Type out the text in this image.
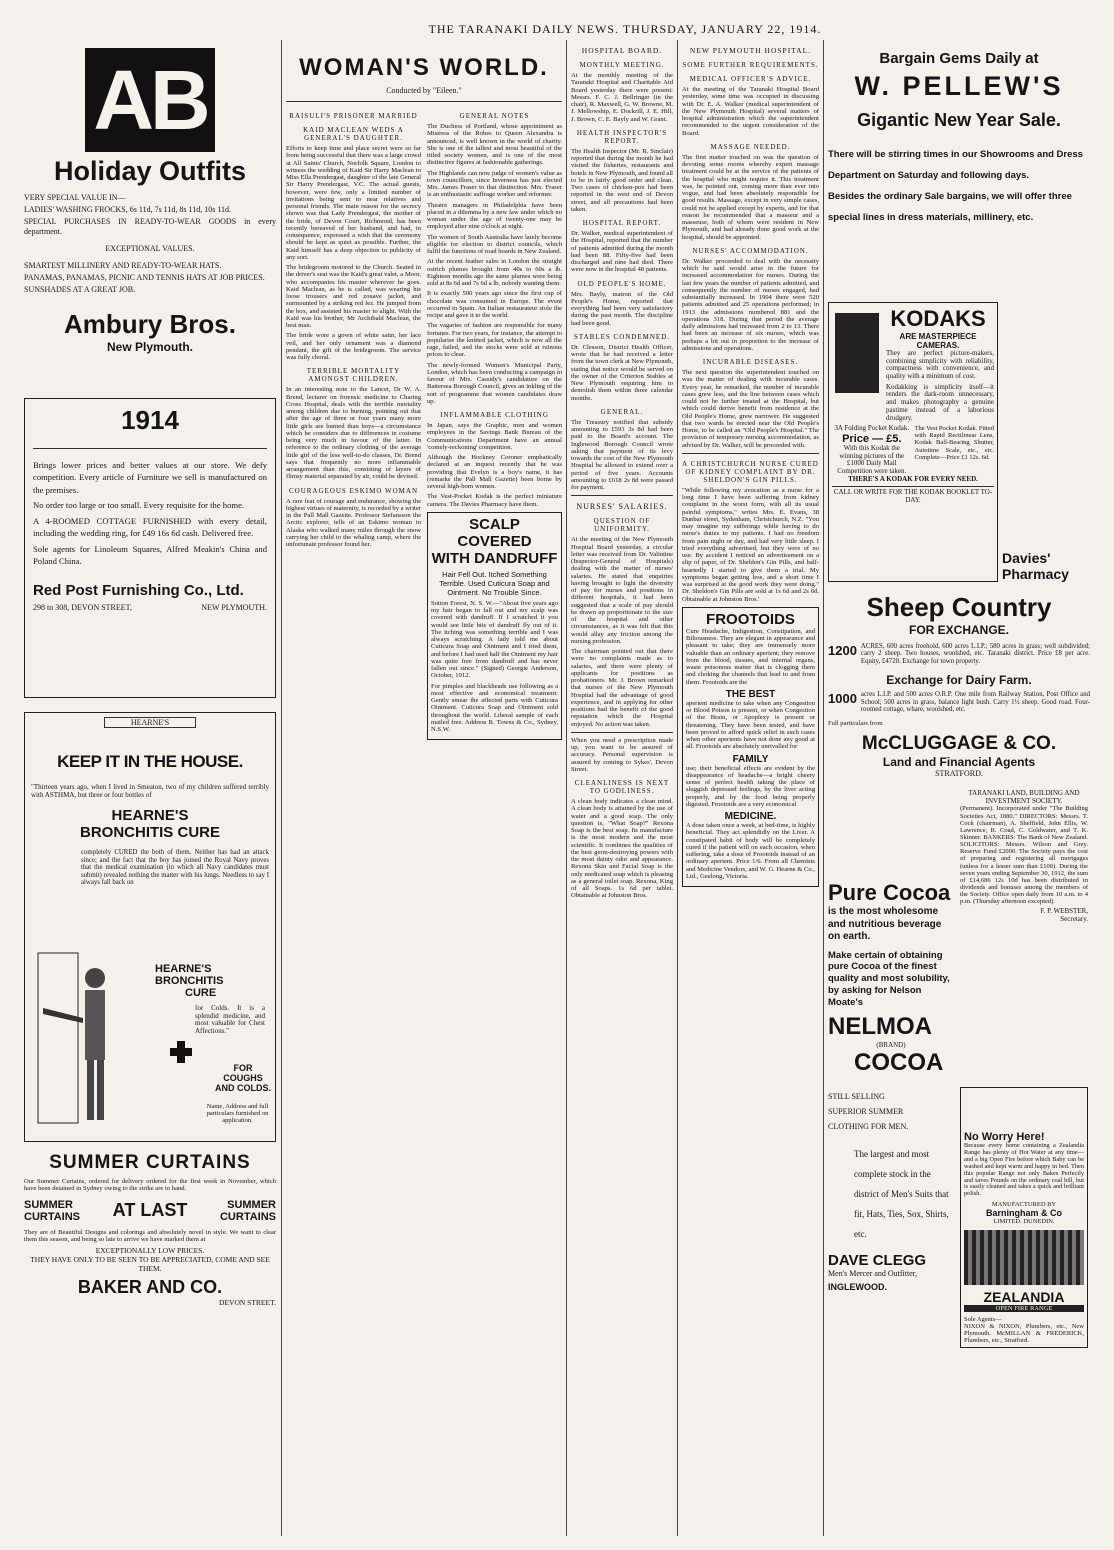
THE TARANAKI DAILY NEWS. THURSDAY, JANUARY 22, 1914.
AB
Holiday Outfits

VERY SPECIAL VALUE IN—

LADIES' WASHING FROCKS, 6s 11d, 7s 11d, 8s 11d, 10s 11d.

SPECIAL PURCHASES IN READY-TO-WEAR GOODS in every department.

EXCEPTIONAL VALUES.

SMARTEST MILLINERY AND READY-TO-WEAR HATS.

PANAMAS, PANAMAS, PICNIC AND TENNIS HATS AT JOB PRICES.

SUNSHADES AT A GREAT JOB.

Ambury Bros.
New Plymouth.
1914

Brings lower prices and better values at our store. We defy competition. Every article of Furniture we sell is manufactured on the premises.

No order too large or too small. Every requisite for the home.

A 4-ROOMED COTTAGE FURNISHED with every detail, including the wedding ring, for £49 16s 6d cash. Delivered free.

Sole agents for Linoleum Squares, Alfred Meakin's China and Poland China.

Red Post Furnishing Co., Ltd.
298 to 308, DEVON STREET,	NEW PLYMOUTH.
HEARNE'S
KEEP IT IN THE HOUSE.
"Thirteen years ago, when I lived in Smeaton, two of my children suffered terribly with ASTHMA, but three or four bottles of
HEARNE'S
BRONCHITIS CURE
completely CURED the both of them. Neither has had an attack since; and the fact that the boy has joined the Royal Navy proves that the medical examination (to which all Navy candidates must submit) revealed nothing the matter with his lungs. Needless to say I always fall back on
HEARNE'S
BRONCHITIS
CURE
for Colds. It is a splendid medicine, and most valuable for Chest Affections."
FOR COUGHS AND COLDS.
Name, Address and full particulars furnished on application.
SUMMER CURTAINS
Our Summer Curtains, ordered for delivery ordered for the first week in November, which have been detained in Sydney owing to the strike are to hand.
SUMMER CURTAINS AT LAST	SUMMER CURTAINS
They are of Beautiful Designs and colorings and absolutely novel in style. We want to clear them this season, and being so late to arrive we have marked them at
EXCEPTIONALLY LOW PRICES.
THEY HAVE ONLY TO BE SEEN TO BE APPRECIATED, COME AND SEE THEM.
BAKER AND CO.
DEVON STREET.
WOMAN'S WORLD.
Conducted by "Eileen."
RAISULI'S PRISONER MARRIED
KAID MACLEAN WEDS A GENERAL'S DAUGHTER.

Efforts to keep time and place secret were so far from being successful that there was a large crowd at All Saints' Church, Norfolk Square, London to witness the wedding of Kaid Sir Harry Maclean to Miss Ella Prendergast, daughter of the late General Sir Harry Prendergast, V.C. The actual guests, however, were few, only a limited number of invitations being sent to near relatives and personal friends. The main reason for the secrecy shown was that Lady Prendergast, the mother of the bride, of Devon Court, Richmond, has been recently bereaved of her husband, and had, in consequence, expressed a wish that the ceremony should be kept as quiet as possible. Further, the Kaid himself has a deep objection to publicity of any sort.

The bridegroom motored to the Church. Seated in the driver's seat was the Kaid's great valet, a Moor, who accompanies his master wherever he goes. Kaid Maclean, as he is called, was wearing his loose trousers and red zouave jacket, and surmounted by a striking red fez. He jumped from the box, and assisted his master to alight. With the Kaid was his brother, Mr Archibald Maclean, the best man.

The bride wore a gown of white satin, her lace veil, and her only ornament was a diamond pendant, the gift of the bridegroom. The service was fully choral.

TERRIBLE MORTALITY AMONGST CHILDREN.

In an interesting note to the Lancet, Dr W. A. Brend, lecturer on forensic medicine to Charing Cross Hospital, deals with the terrible mortality among children due to burning, pointing out that after the age of three or four years many more little girls are burned than boys—a circumstance which he considers due to differences in costume being very much in favour of the latter. In reference to the ordinary clothing of the average little girl of the less well-to-do classes, Dr. Brend says that frequently no more inflammable arrangement than this, consisting of layers of flimsy material separated by air, could be devised.

COURAGEOUS ESKIMO WOMAN

A rare feat of courage and endurance, showing the highest virtues of maternity, is recorded by a writer in the Pall Mall Gazette. Professor Stefansson the Arctic explorer, tells of an Eskimo woman in Alaska who walked many miles through the snow carrying her child to the whaling camp, where the unfortunate professor found her.

GENERAL NOTES

The Duchess of Portland, whose appointment as Mistress of the Robes to Queen Alexandra is announced, is well known in the world of charity. She is one of the tallest and most beautiful of the titled society women, and is one of the most distinctive figures at fashionable gatherings.

The Highlands can now judge of women's value as town councillors, since Inverness has just elected Mrs. James Fraser to that distinction. Mrs. Fraser is an enthusiastic suffrage worker and reformer.

Theatre managers in Philadelphia have been placed in a dilemma by a new law under which no woman under the age of twenty-one may be employed after nine o'clock at night.

The women of South Australia have lately become eligible for election to district councils, which fulfil the functions of road boards in New Zealand.

At the recent feather sales in London the straight ostrich plumes brought from 40s to 60s a lb. Eighteen months ago the same plumes were being sold at 8s 6d and 7s 6d a lb, nobody wanting them.

It is exactly 500 years ago since the first cup of chocolate was consumed in Europe. The event occurred in Spain. An Italian restaurateur stole the recipe and gave it to the world.

The vagaries of fashion are responsible for many fortunes. For two years, for instance, the attempt to popularise the knitted jacket, which is now all the rage, failed, and the stocks were sold at ruinous prices to clear.

The newly-formed Women's Municipal Party, London, which has been conducting a campaign in favour of Mrs. Cassidy's candidature on the Battersea Borough Council, gives an inkling of the sort of programme that women candidates draw up.

INFLAMMABLE CLOTHING

In Japan, says the Graphic, men and women employees in the Savings Bank Bureau of the Communications Department have an annual 'comely-reckoning' competition.

Although the Hockney Coroner emphatically declared at an inquest recently that he was providing that Evelyn is a boy's name, it has (remarks the Pall Mall Gazette) been borne by several high-born women.

The Vest-Pocket Kodak is the perfect miniature camera. The Davies Pharmacy have them.

SCALP COVERED
WITH DANDRUFF
Hair Fell Out. Itched Something Terrible. Used Cuticura Soap and Ointment. No Trouble Since.

Sutton Forest, N. S. W.—"About five years ago my hair began to fall out and my scalp was covered with dandruff. If I scratched it you would see little bits of dandruff fly out of it. The itching was something terrible and I was always scratching. A lady told me about Cuticura Soap and Ointment and I tried them, and before I had used half the Ointment my hair was quite free from dandruff and has never fallen out since." (Signed) Georgie Anderson, October, 1912.

For pimples and blackheads use following as a most effective and economical treatment: Gently smear the affected parts with Cuticura Ointment. Cuticura Soap and Ointment sold throughout the world. Liberal sample of each mailed free. Address R. Towns & Co., Sydney, N.S.W.

HOSPITAL BOARD.
MONTHLY MEETING.

At the monthly meeting of the Taranaki Hospital and Charitable Aid Board yesterday there were present: Messrs. F. C. J. Bellringer (in the chair), R. Maxwell, G. W. Browne, M. J. Mellowship, E. Dockrill, J. E. Hill, J. Brown, C. E. Bayly and W. Grant.

HEALTH INSPECTOR'S REPORT.

The Health Inspector (Mr. R. Sinclair) reported that during the month he had visited the fisheries, restaurants and hotels in New Plymouth, and found all to be in fairly good order and clean. Two cases of chicken-pox had been reported in the west end of Devon street, and all precautions had been taken.

HOSPITAL REPORT.

Dr. Walker, medical superintendent of the Hospital, reported that the number of patients admitted during the month had been 88. Fifty-five had been discharged and nine had died. There were now in the hospital 48 patients.

OLD PEOPLE'S HOME.

Mrs. Bayly, matron of the Old People's Home, reported that everything had been very satisfactory during the past month. The discipline had been good.

STABLES CONDEMNED.

Dr. Clesson, District Health Officer, wrote that he had received a letter from the town clerk at New Plymouth, stating that notice would be served on the owner of the Criterion Stables at New Plymouth requiring him to demolish them within three calendar months.

GENERAL.

The Treasury notified that subsidy amounting to £593 3s 8d had been paid to the Board's account. The Inglewood Borough Council wrote asking that payment of its levy towards the cost of the New Plymouth Hospital be allowed to extend over a period of five years. Accounts amounting to £618 2s 8d were passed for payment.

NURSES' SALARIES.
QUESTION OF UNIFORMITY.

At the meeting of the New Plymouth Hospital Board yesterday, a circular letter was received from Dr. Valintine (Inspector-General of Hospitals) dealing with the matter of nurses' salaries. He stated that enquiries having brought to light the diversity of pay for nurses and positions in different hospitals, it had been suggested that a scale of pay should be drawn up proportionate to the size of the hospital and other circumstances, as it was felt that this would allay any friction among the nursing profession.

The chairman pointed out that there were no complaints made as to salaries, and there were plenty of applicants for positions as probationers. Mr. J. Brown remarked that nurses of the New Plymouth Hospital had the advantage of good experience, and in applying for other positions had the benefit of the good reputation which the Hospital enjoyed. No action was taken.

When you need a prescription made up, you want to be assured of accuracy. Personal supervision is assured by coming to Sykes', Devon Street.

CLEANLINESS IS NEXT TO GODLINESS.

A clean body indicates a clean mind. A clean body is attained by the use of water and a good soap. The only question is, "What Soap?" Rexona Soap is the best soap. Its manufacture is the most modern and the most scientific. It combines the qualities of the best germ-destroying powers with the most dainty odor and appearance. Rexona Skin and Facial Soap is the only medicated soap which is pleasing as a general toilet soap. Rexona, King of all Soaps. 1s 6d per tablet. Obtainable at Johnston Bros.

NEW PLYMOUTH HOSPITAL.
SOME FURTHER REQUIREMENTS.
MEDICAL OFFICER'S ADVICE.

At the meeting of the Taranaki Hospital Board yesterday, some time was occupied in discussing with Dr. E. A. Walker (medical superintendent of the New Plymouth Hospital) several matters of hospital administration which the superintendent recommended to the urgent consideration of the Board.

MASSAGE NEEDED.

The first matter touched on was the question of devoting some rooms whereby expert massage treatment could be at the service of the patients of the hospital who might require it. This treatment was, he pointed out, coming more than ever into vogue, and had been absolutely responsible for good results. Massage, except in very simple cases, could not be applied except by experts, and for that reason he recommended that a masseur and a masseuse, both of whom were resident in New Plymouth, and had already done good work at the hospital, should be appointed.

NURSES' ACCOMMODATION.

Dr. Walker proceeded to deal with the necessity which he said would arise in the future for increased accommodation for nurses. During the last few years the number of patients admitted, and consequently the number of nurses engaged, had substantially increased. In 1904 there were 520 patients admitted and 25 operations performed; in 1913 the admissions numbered 881 and the operations 318. During that period the average daily admissions had increased from 2 to 13. There had been an increase of six nurses, which was perhaps a bit out in proportion to the increase of admissions and operations.

INCURABLE DISEASES.

The next question the superintendent touched on was the matter of dealing with incurable cases. Every year, he remarked, the number of incurable cases grew less, and the line between cases which could not be further treated at the Hospital, but which could derive benefit from residence at the Old People's Home, grew narrower. He suggested that two wards be erected near the Old People's Home, to be called an "Old People's Hospital." The provision of temporary nursing accommodation, as advised by Dr. Walker, will be proceeded with.

A CHRISTCHURCH NURSE CURED OF KIDNEY COMPLAINT BY DR. SHELDON'S GIN PILLS.

"While following my avocation as a nurse for a long time I have been suffering from kidney complaint in the worst form, with all its usual painful symptoms," writes Mrs. E. Evans, 38 Dunbar street, Sydenham, Christchurch, N.Z. "You may imagine my sufferings while having to do nurse's duties to my patients. I had no freedom from pain night or day, and had very little sleep. I tried everything advertised, but they were of no use. By accident I noticed an advertisement on a slip of paper, of Dr. Sheldon's Gin Pills, and half-heartedly I started to give them a trial. My symptoms began getting less, and a short time I was surprised at the good work they were doing." Dr. Sheldon's Gin Pills are sold at 1s 6d and 2s 6d. Obtainable at Johnston Bros.'

FROOTOIDS

Cure Headache, Indigestion, Constipation, and Biliousness. They are elegant in appearance and pleasant to take; they are immensely more valuable than an ordinary aperient; they remove from the blood, tissues, and internal organs, waste poisonous matter that is clogging them and choking the channels that lead to and from them. Frootoids are the

THE BEST

aperient medicine to take when any Congestion or Blood Poison is present, or when Congestion of the Brain, or Apoplexy is present or threatening. They have been tested, and have been proved to afford quick relief in such cases when other aperients have not done any good at all. Frootoids are absolutely unrivalled for

FAMILY

use; their beneficial effects are evident by the disappearance of headache—a bright cheery sense of perfect health taking the place of sluggish depressed feelings, by the liver acting properly, and by the food being properly digested. Frootoids are a very economical

MEDICINE.

A dose taken once a week, at bed-time, is highly beneficial. They act splendidly on the Liver. A constipated habit of body will be completely cured if the patient will on each occasion, when suffering, take a dose of Frootoids instead of an ordinary aperient. Price 1/6. From all Chemists and Medicine Vendors, and W. G. Hearne & Co., Ltd., Geelong, Victoria.

Bargain Gems Daily at
W. PELLEW'S
Gigantic New Year Sale.
There will be stirring times in our Showrooms and Dress Department on Saturday and following days.
Besides the ordinary Sale bargains, we will offer three special lines in dress materials, millinery, etc.
KODAKS
ARE MASTERPIECE CAMERAS.

They are perfect picture-makers, combining simplicity with reliability, compactness with convenience, and quality with a minimum of cost.

Kodakking is simplicity itself—it renders the dark-room unnecessary, and makes photography a genuine pastime instead of a laborious drudgery.

3A Folding Pocket Kodak.
Price — £5.
With this Kodak the winning pictures of the £1000 Daily Mail Competition were taken.
The Vest Pocket Kodak. Fitted with Rapid Rectilinear Lens, Kodak Ball-Bearing Shutter, Autotime Scale, etc., etc. Complete—Price £1 12s. 6d.
THERE'S A KODAK FOR EVERY NEED.
CALL OR WRITE FOR THE KODAK BOOKLET TO-DAY.
Davies' Pharmacy
Sheep Country
FOR EXCHANGE.
1200 ACRES, 600 acres freehold, 600 acres L.I.P.; 580 acres in grass; well subdivided; carry 2 sheep. Two houses, woolshed, etc. Taranaki district. Price £8 per acre. Equity, £4720. Exchange for town property.
Exchange for Dairy Farm.
1000 acres L.I.P. and 500 acres O.R.P. One mile from Railway Station, Post Office and School; 500 acres in grass, balance light bush. Carry 1½ sheep. Good road. Four-roomed cottage, whare, woolshed, etc.
Full particulars from
McCLUGGAGE & CO.
Land and Financial Agents
STRATFORD.
Pure Cocoa
is the most wholesome and nutritious beverage on earth.
Make certain of obtaining pure Cocoa of the finest quality and most solubility, by asking for Nelson Moate's
NELMOA
(BRAND)
COCOA
TARANAKI LAND, BUILDING AND INVESTMENT SOCIETY.

(Permanent). Incorporated under "The Building Societies Act, 1880." DIRECTORS: Messrs. T. Cock (chairman), A. Sheffield, John Ellis, W. Lawrence, R. Coad, C. Goldwater, and T. K. Skinner. BANKERS: The Bank of New Zealand. SOLICITORS: Messrs. Wilson and Grey. Reserve Fund £2000. The Society pays the cost of preparing and registering all mortgages (unless for a lesser sum than £100). During the seven years ending September 30, 1912, the sum of £14,686 12s 10d has been distributed in dividends and bonuses among the members of the Society. Office open daily from 10 a.m. to 4 p.m. (Thursday afternoon excepted).

F. P. WEBSTER,
Secretary.
STILL SELLING
SUPERIOR SUMMER
CLOTHING FOR MEN.
The largest and most complete stock in the district of Men's Suits that fit, Hats, Ties, Sox, Shirts, etc.
DAVE CLEGG
Men's Mercer and Outfitter,
INGLEWOOD.
No Worry Here!

Because every home containing a Zealandia Range has plenty of Hot Water at any time—and a big Open Fire before which Baby can be washed and kept warm and happy in bed. Then this popular Range not only Bakes Perfectly and saves Pounds on the ordinary coal bill, but is easily cleaned and takes a quick and brilliant polish.

MANUFACTURED BY
Barningham & Co
LIMITED. DUNEDIN.
ZEALANDIA
OPEN FIRE RANGE
Sole Agents—
NIXON & NIXON, Plumbers, etc., New Plymouth. McMILLAN & FREDERICK, Plumbers, etc., Stratford.
